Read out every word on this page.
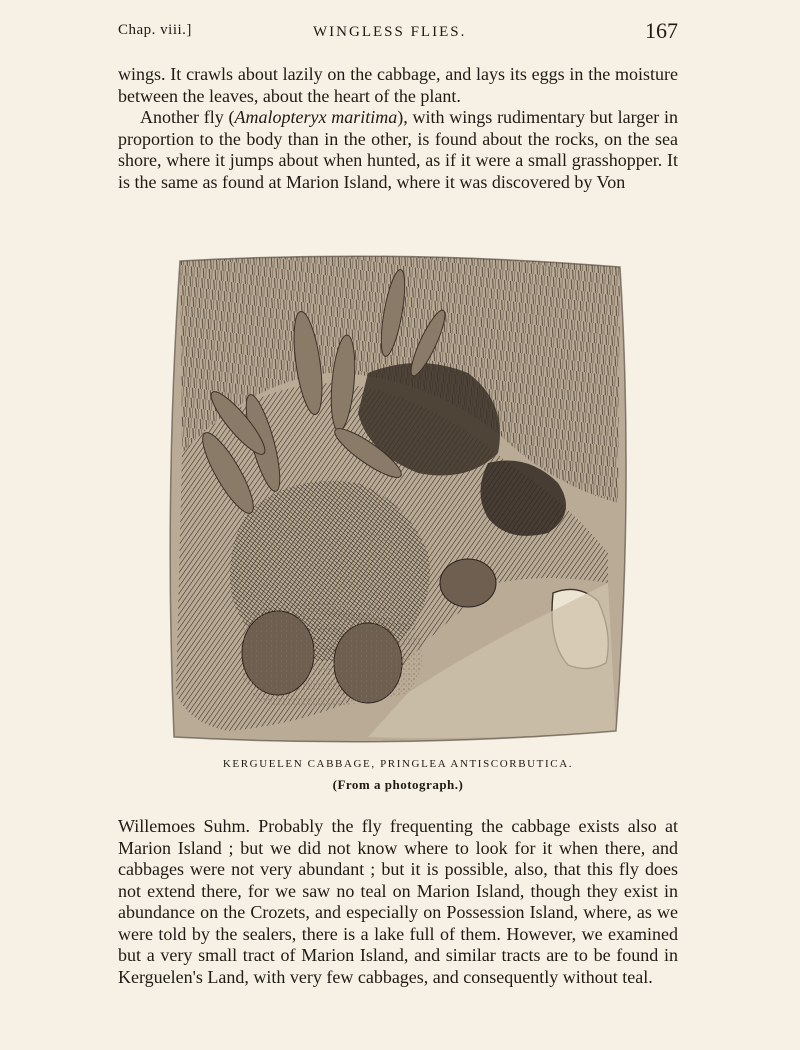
Chap. viii.]	WINGLESS FLIES.	167

wings. It crawls about lazily on the cabbage, and lays its eggs in the moisture between the leaves, about the heart of the plant.

Another fly (Amalopteryx maritima), with wings rudimentary but larger in proportion to the body than in the other, is found about the rocks, on the sea shore, where it jumps about when hunted, as if it were a small grasshopper. It is the same as found at Marion Island, where it was discovered by Von

KERGUELEN CABBAGE, PRINGLEA ANTISCORBUTICA.
(From a photograph.)

Willemoes Suhm. Probably the fly frequenting the cabbage exists also at Marion Island ; but we did not know where to look for it when there, and cabbages were not very abundant ; but it is possible, also, that this fly does not extend there, for we saw no teal on Marion Island, though they exist in abundance on the Crozets, and especially on Possession Island, where, as we were told by the sealers, there is a lake full of them. However, we examined but a very small tract of Marion Island, and similar tracts are to be found in Kerguelen's Land, with very few cabbages, and consequently without teal.
